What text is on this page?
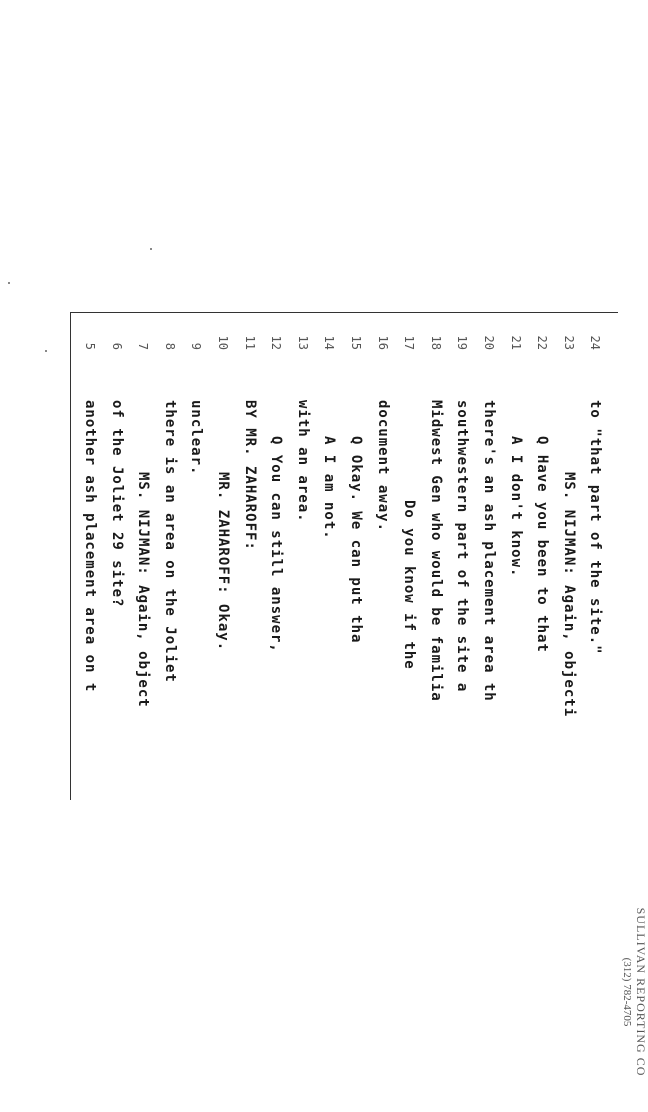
5
another ash placement area on t
6
of the Joliet 29 site?
7
MS. NIJMAN: Again, object
8
there is an area on the Joliet
9
unclear.
10
MR. ZAHAROFF: Okay.
11
BY MR. ZAHAROFF:
12
Q You can still answer,
13
with an area.
14
A I am not.
15
Q Okay. We can put tha
16
document away.
17
Do you know if the
18
Midwest Gen who would be familia
19
southwestern part of the site a
20
there's an ash placement area th
21
A I don't know.
22
Q Have you been to that
23
MS. NIJMAN: Again, objecti
24
to "that part of the site."
SULLIVAN REPORTING CO
(312) 782-4705
